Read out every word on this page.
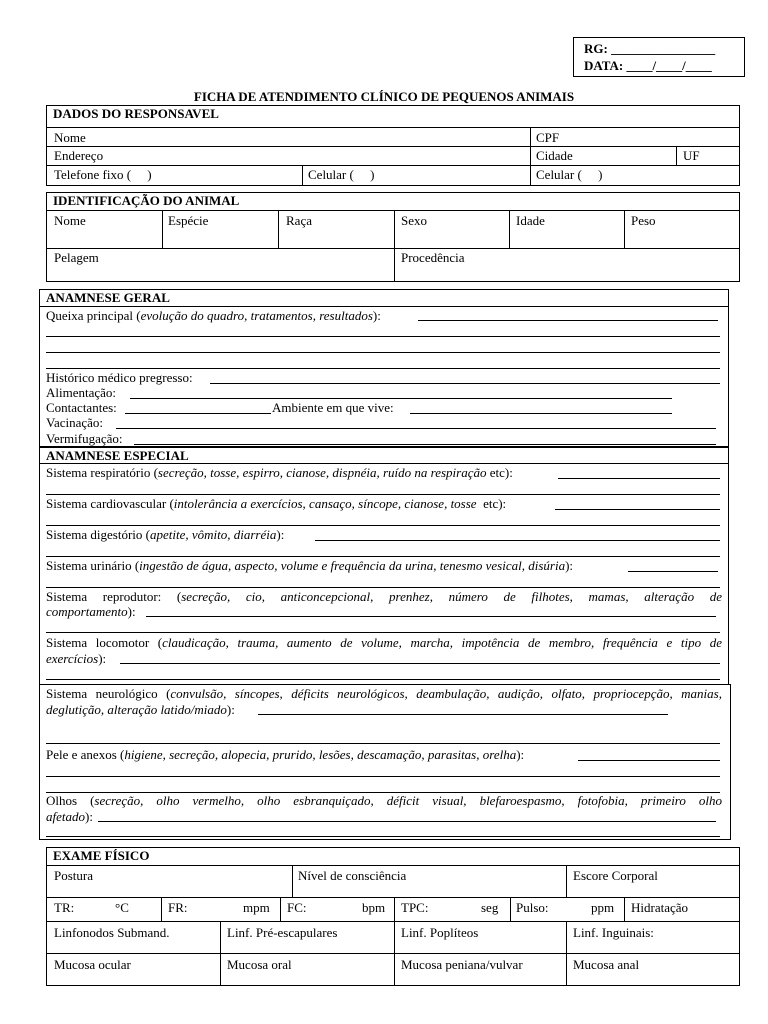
RG: ________________
DATA: ____/____/____
FICHA DE ATENDIMENTO CLÍNICO DE PEQUENOS ANIMAIS
DADOS DO RESPONSAVEL
Nome	CPF
Endereço	Cidade	UF
Telefone fixo (     )	Celular (     )	Celular (     )
IDENTIFICAÇÃO DO ANIMAL
Nome	Espécie	Raça	Sexo	Idade	Peso
Pelagem	Procedência
ANAMNESE GERAL
Queixa principal (evolução do quadro, tratamentos, resultados):
Histórico médico pregresso:
Alimentação:
Contactantes:	Ambiente em que vive:
Vacinação:
Vermifugação:
ANAMNESE ESPECIAL
Sistema respiratório (secreção, tosse, espirro, cianose, dispnéia, ruído na respiração etc):
Sistema cardiovascular (intolerância a exercícios, cansaço, síncope, cianose, tosse  etc):
Sistema digestório (apetite, vômito, diarréia):
Sistema urinário (ingestão de água, aspecto, volume e frequência da urina, tenesmo vesical, disúria):
Sistema reprodutor: (secreção, cio, anticoncepcional, prenhez, número de filhotes, mamas, alteração de
comportamento):
Sistema locomotor (claudicação, trauma, aumento de volume, marcha, impotência de membro, frequência e tipo de
exercícios):
Sistema neurológico (convulsão, síncopes, déficits neurológicos, deambulação, audição, olfato, propriocepção, manias,
deglutição, alteração latido/miado):
Pele e anexos (higiene, secreção, alopecia, prurido, lesões, descamação, parasitas, orelha):
Olhos (secreção, olho vermelho, olho esbranquiçado, déficit visual, blefaroespasmo, fotofobia, primeiro olho
afetado):
EXAME FÍSICO
Postura	Nível de consciência	Escore Corporal
TR:	°C	FR:	mpm FC:	bpm TPC:	seg Pulso:	ppm Hidratação
Linfonodos Submand.	Linf. Pré-escapulares	Linf. Poplíteos	Linf. Inguinais:
Mucosa ocular	Mucosa oral	Mucosa peniana/vulvar	Mucosa anal
